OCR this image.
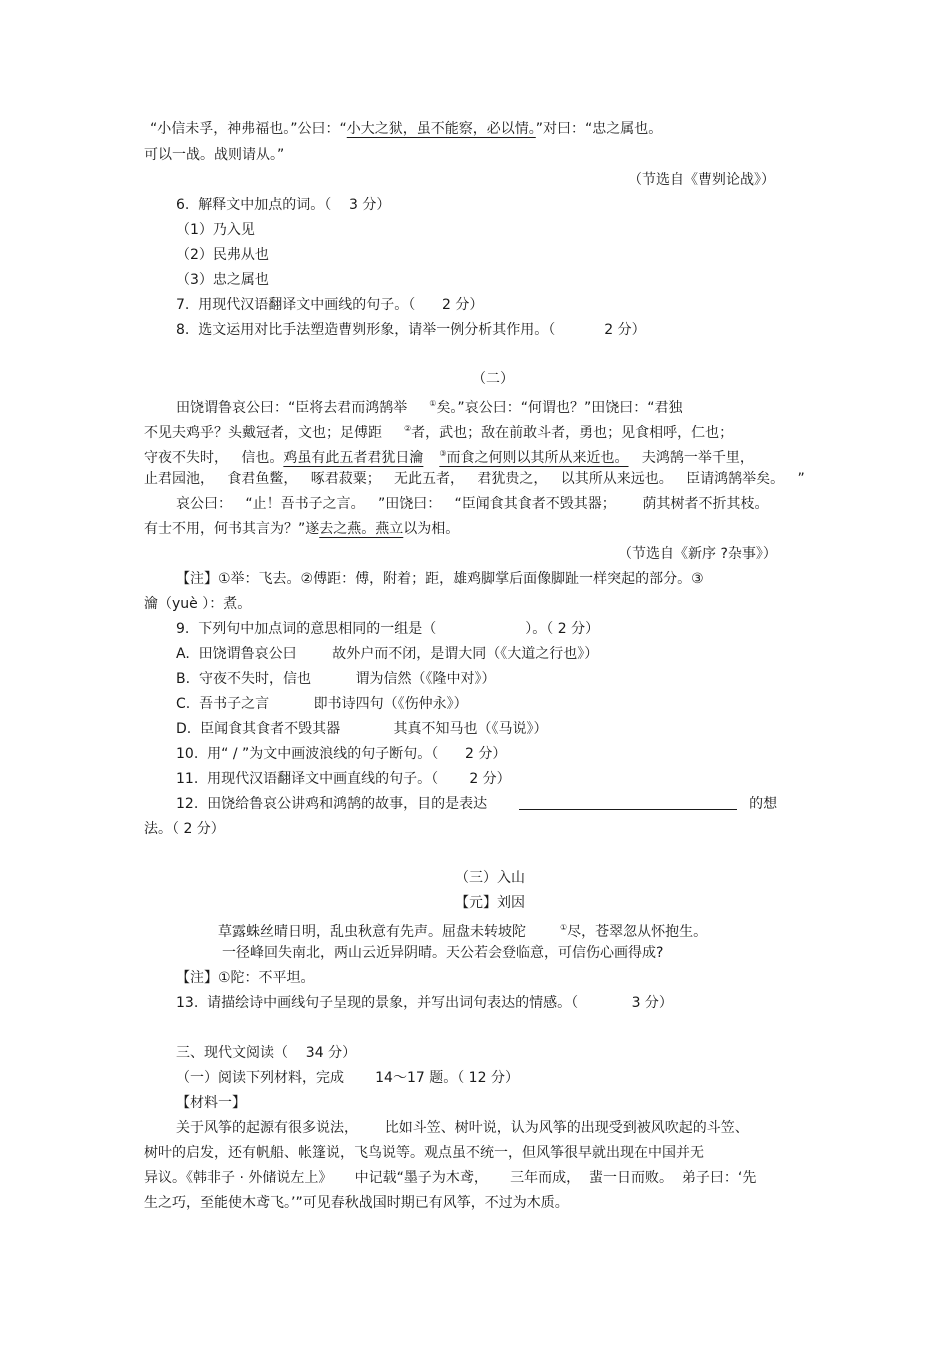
“小信未孚，神弗福也。”公曰：“小大之狱，虽不能察，必以情。”对曰：“忠之属也。
可以一战。战则请从。”
（节选自《曹刿论战》）
6.  解释文中加点的词。（    3 分）
（1）乃入见
（2）民弗从也
（3）忠之属也
7.  用现代汉语翻译文中画线的句子。（      2 分）
8.  选文运用对比手法塑造曹刿形象，请举一例分析其作用。（           2 分）
（二）
田饶谓鲁哀公曰：“臣将去君而鸿鹄举	①矣。”哀公曰：“何谓也？”田饶曰：“君独
不见夫鸡乎？头戴冠者，文也；足傅距	②者，武也；敌在前敢斗者，勇也；见食相呼，仁也；
守夜不失时，   信也。鸡虽有此五者君犹日瀹 ③而食之何则以其所从来近也。   夫鸿鹄一举千里，
止君园池，   食君鱼鳖，   啄君菽粟；   无此五者，   君犹贵之，   以其所从来远也。   臣请鸿鹄举矣。   ”
哀公曰：   “止！吾书子之言。   ”田饶曰：   “臣闻食其食者不毁其器；      荫其树者不折其枝。
有士不用，何书其言为？”遂去之燕。燕立以为相。
（节选自《新序 ?杂事》）
【注】①举：飞去。②傅距：傅，附着；距，雄鸡脚掌后面像脚趾一样突起的部分。③
瀹（yuè ）：煮。
9.  下列句中加点词的意思相同的一组是（                    ）。（ 2 分）
A.  田饶谓鲁哀公曰        故外户而不闭，是谓大同（《大道之行也》）
B.  守夜不失时，信也          谓为信然（《隆中对》）
C.  吾书子之言          即书诗四句（《伤仲永》）
D.  臣闻食其食者不毁其器            其真不知马也（《马说》）
10.  用“ / ”为文中画波浪线的句子断句。（      2 分）
11.  用现代汉语翻译文中画直线的句子。（       2 分）
12.  田饶给鲁哀公讲鸡和鸿鹄的故事，目的是表达	的想
法。（ 2 分）
（三）入山
【元】刘因
草露蛛丝晴日明，乱虫秋意有先声。屈盘未转坡陀	①尽，苍翠忽从怀抱生。
一径峰回失南北，两山云近异阴晴。天公若会登临意，可信伤心画得成?
【注】①陀：不平坦。
13.  请描绘诗中画线句子呈现的景象，并写出词句表达的情感。（            3 分）
三、现代文阅读（    34 分）
（一）阅读下列材料，完成       14～17 题。（ 12 分）
【材料一】
关于风筝的起源有很多说法，      比如斗笠、树叶说，认为风筝的出现受到被风吹起的斗笠、
树叶的启发，还有帆船、帐篷说，飞鸟说等。观点虽不统一，但风筝很早就出现在中国并无
异议。《韩非子 · 外储说左上》     中记载“墨子为木鸢，     三年而成，  蜚一日而败。  弟子曰：‘先
生之巧，至能使木鸢飞。’”可见春秋战国时期已有风筝，不过为木质。
